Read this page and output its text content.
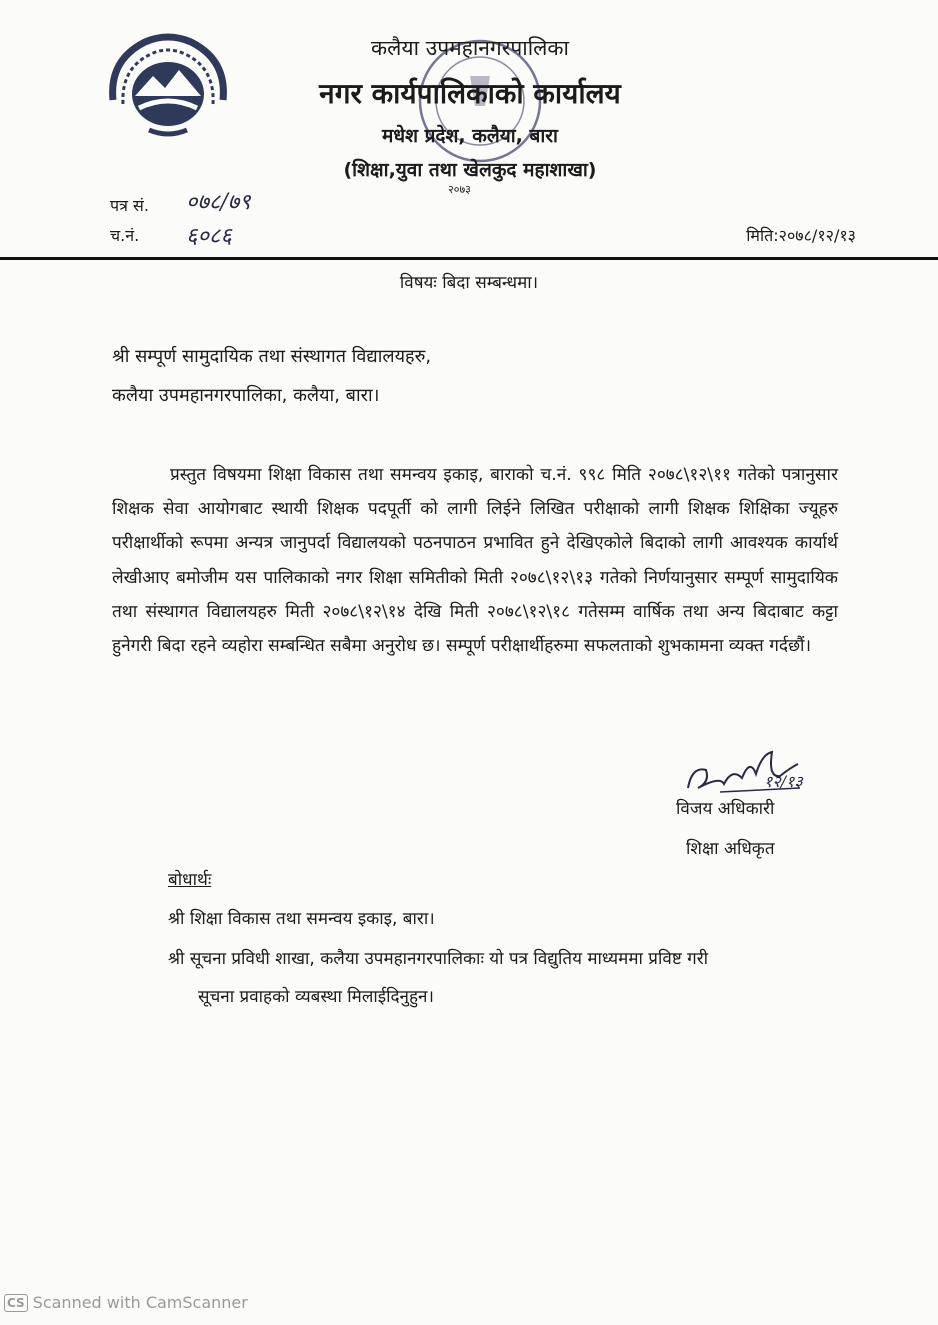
कलैया उपमहानगरपालिका
नगर कार्यपालिकाको कार्यालय
मधेश प्रदेश, कलैया, बारा
(शिक्षा,युवा तथा खेलकुद महाशाखा)
२०७३
पत्र सं. ०७८/७९
च.नं. ६०८६	मिति:२०७८/१२/१३
विषयः बिदा सम्बन्धमा।
श्री सम्पूर्ण सामुदायिक तथा संस्थागत विद्यालयहरु,
कलैया उपमहानगरपालिका, कलैया, बारा।

प्रस्तुत विषयमा शिक्षा विकास तथा समन्वय इकाइ, बाराको च.नं. ९९८ मिति २०७८\१२\११ गतेको पत्रानुसार शिक्षक सेवा आयोगबाट स्थायी शिक्षक पदपूर्ती को लागी लिईने लिखित परीक्षाको लागी शिक्षक शिक्षिका ज्यूहरु परीक्षार्थीको रूपमा अन्यत्र जानुपर्दा विद्यालयको पठनपाठन प्रभावित हुने देखिएकोले बिदाको लागी आवश्यक कार्यार्थ लेखीआए बमोजीम यस पालिकाको नगर शिक्षा समितीको मिती २०७८\१२\१३ गतेको निर्णयानुसार सम्पूर्ण सामुदायिक तथा संस्थागत विद्यालयहरु मिती २०७८\१२\१४ देखि मिती २०७८\१२\१८ गतेसम्म वार्षिक तथा अन्य बिदाबाट कट्टा हुनेगरी बिदा रहने व्यहोरा सम्बन्धित सबैमा अनुरोध छ। सम्पूर्ण परीक्षार्थीहरुमा सफलताको शुभकामना व्यक्त गर्दछौं।

१२/१३
विजय अधिकारी
शिक्षा अधिकृत
बोधार्थः
श्री शिक्षा विकास तथा समन्वय इकाइ, बारा।
श्री सूचना प्रविधी शाखा, कलैया उपमहानगरपालिकाः यो पत्र विद्युतिय माध्यममा प्रविष्ट गरी
सूचना प्रवाहको व्यबस्था मिलाईदिनुहुन।
CS Scanned with CamScanner
